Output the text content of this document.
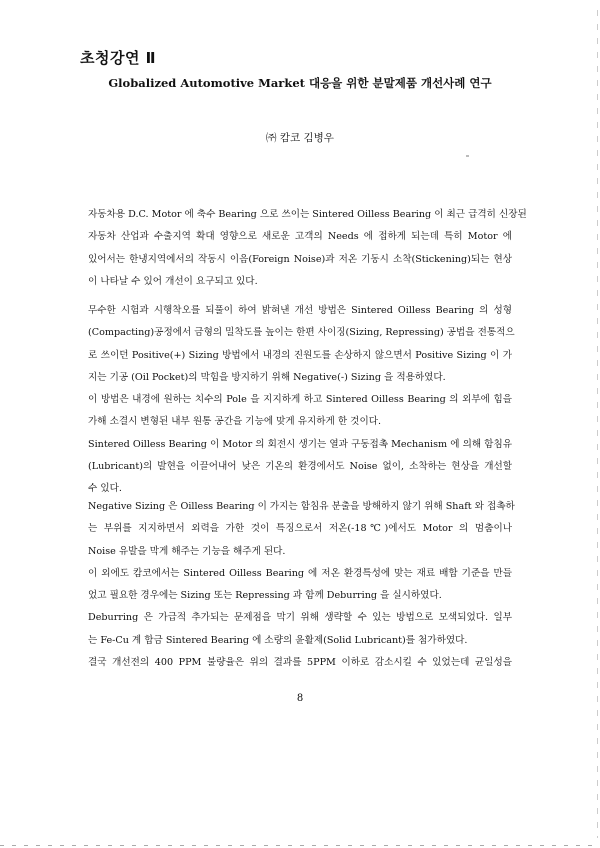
초청강연 Ⅱ
Globalized Automotive Market 대응을 위한 분말제품 개선사례 연구
㈜ 캄코 김병우
자동차용 D.C. Motor 에 축수 Bearing 으로 쓰이는 Sintered Oilless Bearing 이 최근 급격히 신장된
자동차 산업과 수출지역 확대 영향으로 새로운 고객의 Needs 에 접하게 되는데 특히 Motor 에
있어서는 한냉지역에서의 작동시 이음(Foreign Noise)과 저온 기동시 소착(Stickening)되는 현상
이 나타날 수 있어 개선이 요구되고 있다.
무수한 시험과 시행착오를 되풀이 하여 밝혀낸 개선 방법은 Sintered Oilless Bearing 의 성형
(Compacting)공정에서 금형의 밀착도를 높이는 한편 사이징(Sizing, Repressing) 공법을 전통적으
로 쓰이던 Positive(+) Sizing 방법에서 내경의 진원도를 손상하지 않으면서 Positive Sizing 이 가
지는 기공 (Oil Pocket)의 막힘을 방지하기 위해 Negative(-) Sizing 을 적용하였다.
이 방법은 내경에 원하는 치수의 Pole 을 지지하게 하고 Sintered Oilless Bearing 의 외부에 힘을
가해 소결시 변형된 내부 원통 공간을 기능에 맞게 유지하게 한 것이다.
Sintered Oilless Bearing 이 Motor 의 회전시 생기는 열과 구동접촉 Mechanism 에 의해 함침유
(Lubricant)의 발현을 이끌어내어 낮은 기온의 환경에서도 Noise 없이, 소착하는 현상을 개선할
수 있다.
Negative Sizing 은 Oilless Bearing 이 가지는 함침유 분출을 방해하지 않기 위해 Shaft 와 접촉하
는 부위를 지지하면서 외력을 가한 것이 특징으로서 저온(-18℃)에서도 Motor 의 멈춤이나
Noise 유발을 막게 해주는 기능을 해주게 된다.
이 외에도 캄코에서는 Sintered Oilless Bearing 에 저온 환경특성에 맞는 재료 배합 기준을 만들
었고 필요한 경우에는 Sizing 또는 Repressing 과 함께 Deburring 을 실시하였다.
Deburring 은 가급적 추가되는 문제점을 막기 위해 생략할 수 있는 방법으로 모색되었다. 일부
는 Fe-Cu 계 합금 Sintered Bearing 에 소량의 윤활제(Solid Lubricant)를 첨가하였다.
결국 개선전의 400 PPM 불량율은 위의 결과를 5PPM 이하로 감소시킬 수 있었는데 균일성을
8
